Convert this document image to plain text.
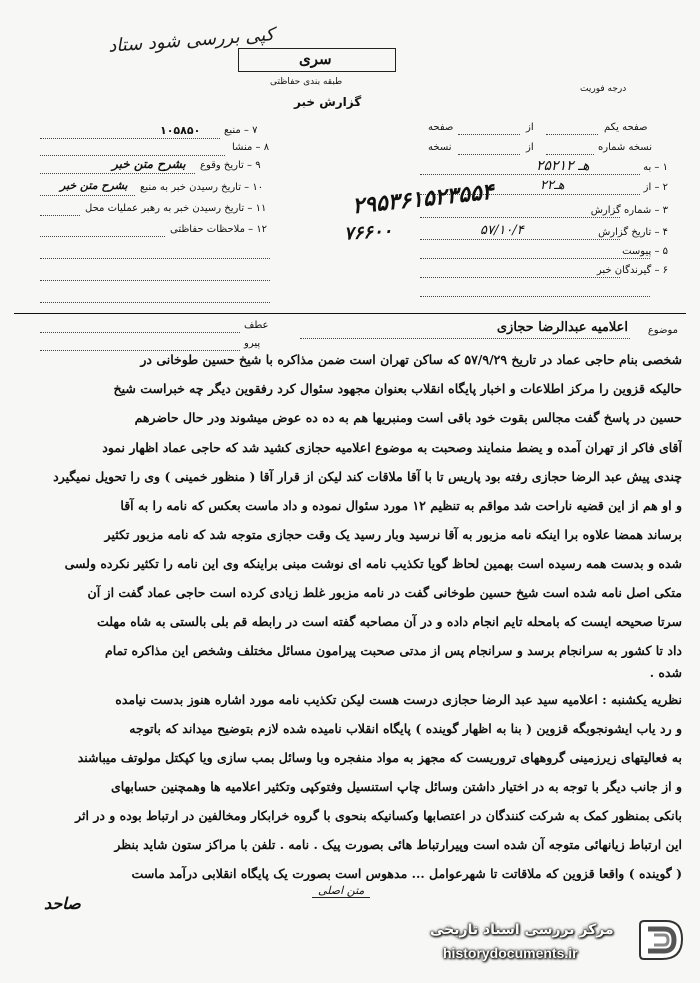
کپی بررسی شود ستاد
سری
طبقه بندی حفاظتی
درجه فوریت
گزارش خبر
صفحه یکم
از
صفحه
نسخه شماره
از
نسخه
۱ – به
۲۵هـ ۲۱۲
۲ – از
۲۲هـ
۳ – شماره گزارش
۴ – تاریخ گزارش
۵۷/۱۰/۴
۵ – پیوست
۶ – گیرندگان خبر
۷ – منبع
۱۰۵۸۵۰
۸ – منشا
۹ – تاریخ وقوع
بشرح متن خبر
۱۰ – تاریخ رسیدن خبر به منبع
بشرح متن خبر
۱۱ – تاریخ رسیدن خبر به رهبر عملیات محل
۱۲ – ملاحظات حفاظتی
۲۹۵۳۶۱۵۲۳۵۵۴
۷۶۶۰۰
عطف
پیرو
موضوع
اعلامیه عبدالرضا حجازی
شخصی بنام حاجی عماد در تاریخ ۵۷/۹/۲۹ که ساکن تهران است ضمن مذاکره با شیخ حسین طوخانی در
حالیکه قزوین را مرکز اطلاعات و اخبار پایگاه انقلاب بعنوان مجهود سئوال کرد رفقوین دیگر چه خبراست شیخ
حسین در پاسخ گفت مجالس بقوت خود باقی است ومنبریها هم به ده ده عوض میشوند ودر حال حاضرهم
آقای فاکر از تهران آمده و یضط منمایند وصحبت به موضوع اعلامیه حجازی کشید شد که حاجی عماد اظهار نمود
چندی پیش عبد الرضا حجازی رفته بود پاریس تا با آقا ملاقات کند لیکن از قرار آقا ( منظور خمینی ) وی را تحویل نمیگیرد
و او هم از این قضیه ناراحت شد مواقم به تنظیم ۱۲ مورد سئوال نموده و داد ماست بعکس که نامه را به آقا
برساند همضا علاوه برا اینکه نامه مزبور به آقا نرسید وبار رسید یک وقت حجازی متوجه شد که نامه مزبور تکثیر
شده و بدست همه رسیده است بهمین لحاظ گویا تکذیب نامه ای نوشت مبنی براینکه وی این نامه را تکثیر نکرده ولسی
متکی اصل نامه شده است شیخ حسین طوخانی گفت در نامه مزبور غلط زیادی کرده است حاجی عماد گفت از آن
سرتا صحیحه ایست که بامحله تایم انجام داده و در آن مصاحبه گفته است در رابطه قم بلی بالستی به شاه مهلت
داد تا کشور به سرانجام برسد و سرانجام پس از مدتی صحبت پیرامون مسائل مختلف وشخص این مذاکره تمام
شده .
نظریه یکشنبه : اعلامیه سید عبد الرضا حجازی درست هست لیکن تکذیب نامه مورد اشاره هنوز بدست نیامده
و رد یاب ایشونجوبگه قزوین ( بنا به اظهار گوینده ) پایگاه انقلاب نامیده شده لازم بتوضیح میداند که باتوجه
به فعالیتهای زیرزمینی گروههای تروریست که مجهز به مواد منفجره وبا وسائل بمب سازی ویا کپکتل مولوتف میباشند
و از جانب دیگر با توجه به در اختیار داشتن وسائل چاپ استنسیل وفتوکپی وتکثیر اعلامیه ها وهمچنین حسابهای
بانکی بمنظور کمک به شرکت کنندگان در اعتصابها وکسانیکه بنحوی با گروه خرابکار ومخالفین در ارتباط بوده و در اثر
این ارتباط زیانهائی متوجه آن شده است وپیرارتباط هائی بصورت پیک . نامه . تلفن با مراکز ستون شاید بنظر
( گوینده ) واقعا قزوین که ملاقاتت تا شهرعوامل ... مدهوس است بصورت یک پایگاه انقلابی درآمد ماست
متن اصلی
صاحد
مرکز بررسی اسناد تاریخی
historydocuments.ir
